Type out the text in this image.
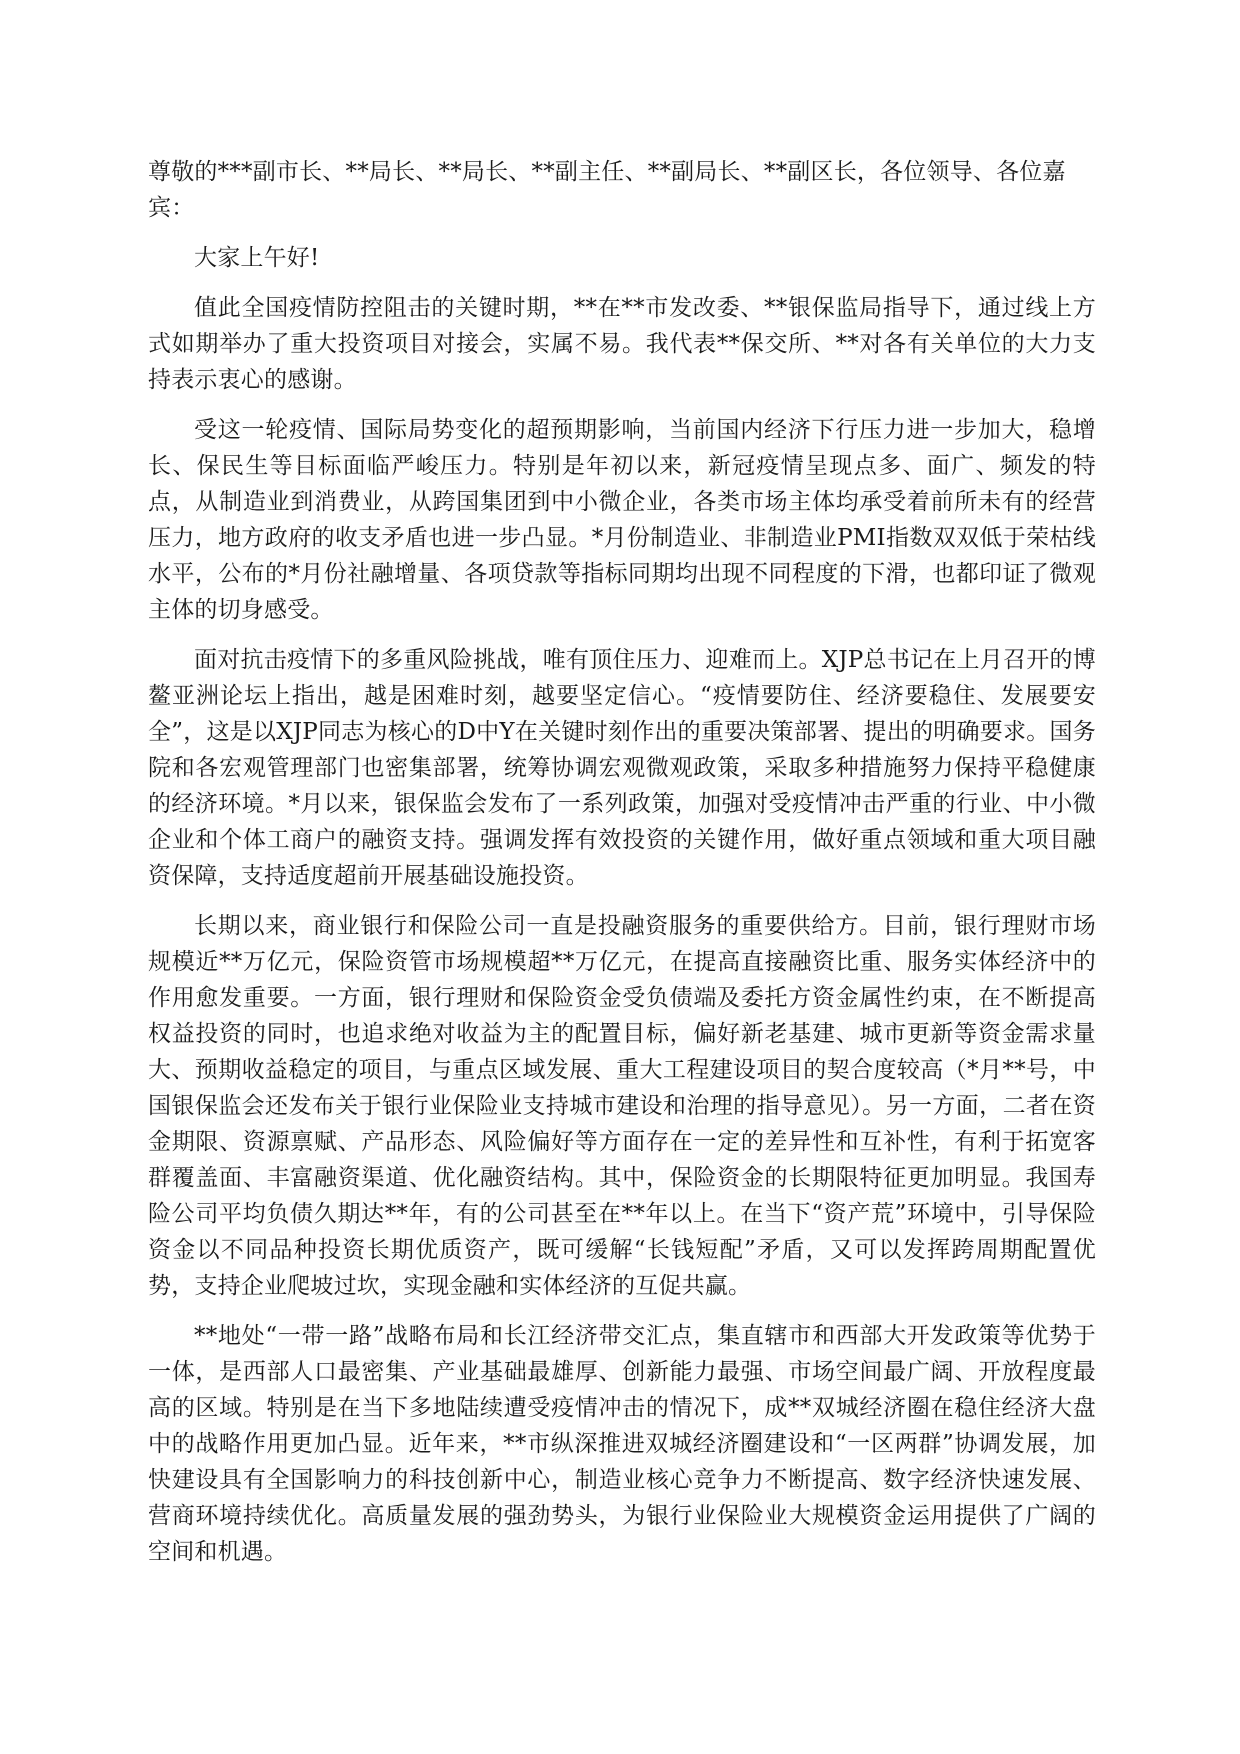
尊敬的***副市长、**局长、**局长、**副主任、**副局长、**副区长，各位领导、各位嘉宾：

大家上午好!

值此全国疫情防控阻击的关键时期，**在**市发改委、**银保监局指导下，通过线上方式如期举办了重大投资项目对接会，实属不易。我代表**保交所、**对各有关单位的大力支持表示衷心的感谢。

受这一轮疫情、国际局势变化的超预期影响，当前国内经济下行压力进一步加大，稳增长、保民生等目标面临严峻压力。特别是年初以来，新冠疫情呈现点多、面广、频发的特点，从制造业到消费业，从跨国集团到中小微企业，各类市场主体均承受着前所未有的经营压力，地方政府的收支矛盾也进一步凸显。*月份制造业、非制造业PMI指数双双低于荣枯线水平，公布的*月份社融增量、各项贷款等指标同期均出现不同程度的下滑，也都印证了微观主体的切身感受。

面对抗击疫情下的多重风险挑战，唯有顶住压力、迎难而上。XJP总书记在上月召开的博鳌亚洲论坛上指出，越是困难时刻，越要坚定信心。“疫情要防住、经济要稳住、发展要安全”，这是以XJP同志为核心的D中Y在关键时刻作出的重要决策部署、提出的明确要求。国务院和各宏观管理部门也密集部署，统筹协调宏观微观政策，采取多种措施努力保持平稳健康的经济环境。*月以来，银保监会发布了一系列政策，加强对受疫情冲击严重的行业、中小微企业和个体工商户的融资支持。强调发挥有效投资的关键作用，做好重点领域和重大项目融资保障，支持适度超前开展基础设施投资。

长期以来，商业银行和保险公司一直是投融资服务的重要供给方。目前，银行理财市场规模近**万亿元，保险资管市场规模超**万亿元，在提高直接融资比重、服务实体经济中的作用愈发重要。一方面，银行理财和保险资金受负债端及委托方资金属性约束，在不断提高权益投资的同时，也追求绝对收益为主的配置目标，偏好新老基建、城市更新等资金需求量大、预期收益稳定的项目，与重点区域发展、重大工程建设项目的契合度较高（*月**号，中国银保监会还发布关于银行业保险业支持城市建设和治理的指导意见）。另一方面，二者在资金期限、资源禀赋、产品形态、风险偏好等方面存在一定的差异性和互补性，有利于拓宽客群覆盖面、丰富融资渠道、优化融资结构。其中，保险资金的长期限特征更加明显。我国寿险公司平均负债久期达**年，有的公司甚至在**年以上。在当下“资产荒”环境中，引导保险资金以不同品种投资长期优质资产，既可缓解“长钱短配”矛盾，又可以发挥跨周期配置优势，支持企业爬坡过坎，实现金融和实体经济的互促共赢。

**地处“一带一路”战略布局和长江经济带交汇点，集直辖市和西部大开发政策等优势于一体，是西部人口最密集、产业基础最雄厚、创新能力最强、市场空间最广阔、开放程度最高的区域。特别是在当下多地陆续遭受疫情冲击的情况下，成**双城经济圈在稳住经济大盘中的战略作用更加凸显。近年来，**市纵深推进双城经济圈建设和“一区两群”协调发展，加快建设具有全国影响力的科技创新中心，制造业核心竞争力不断提高、数字经济快速发展、营商环境持续优化。高质量发展的强劲势头，为银行业保险业大规模资金运用提供了广阔的空间和机遇。
